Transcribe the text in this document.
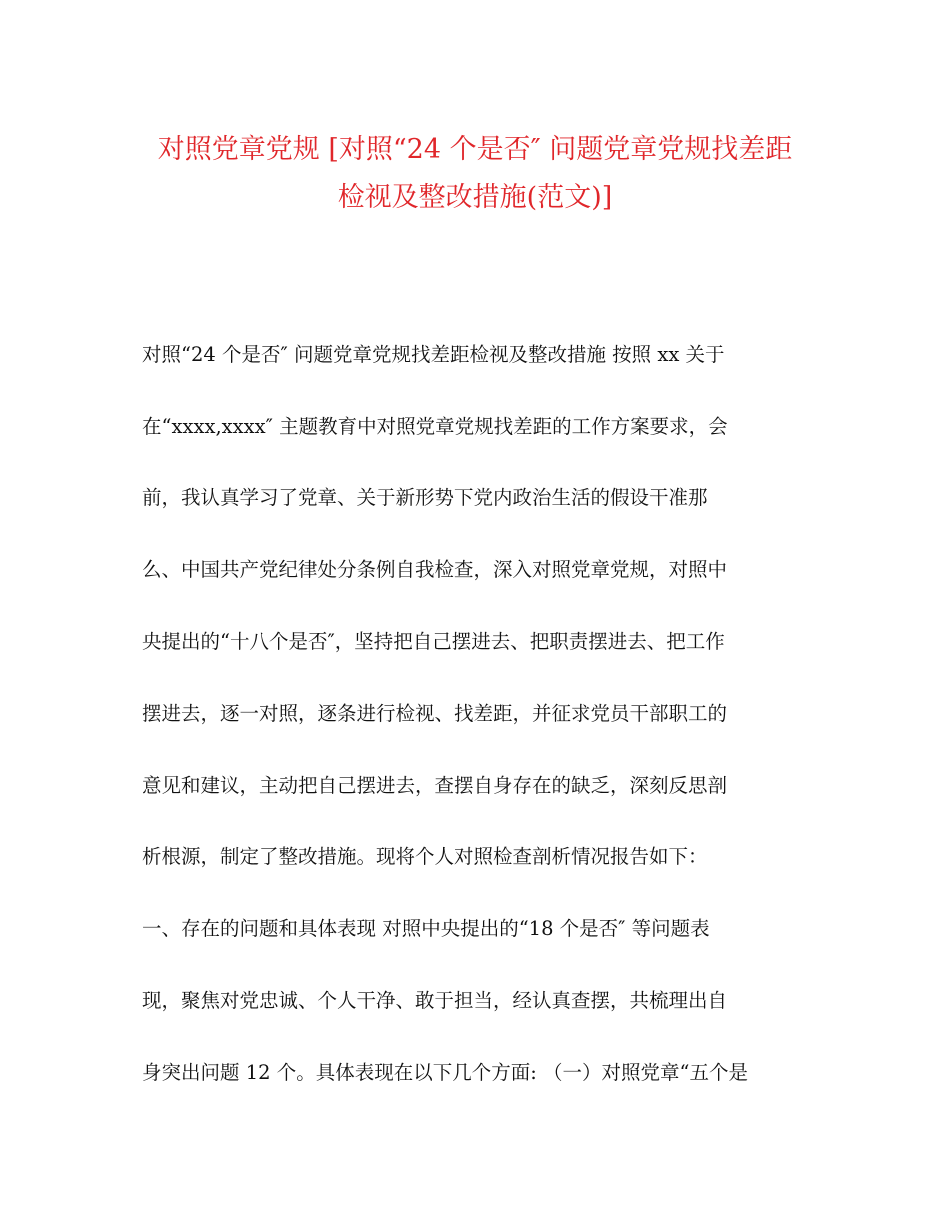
对照党章党规 [对照“24 个是否″ 问题党章党规找差距
检视及整改措施(范文)]
对照“24 个是否″ 问题党章党规找差距检视及整改措施 按照 xx 关于
在“xxxx,xxxx″ 主题教育中对照党章党规找差距的工作方案要求，会
前，我认真学习了党章、关于新形势下党内政治生活的假设干准那
么、中国共产党纪律处分条例自我检查，深入对照党章党规，对照中
央提出的“十八个是否″，坚持把自己摆进去、把职责摆进去、把工作
摆进去，逐一对照，逐条进行检视、找差距，并征求党员干部职工的
意见和建议，主动把自己摆进去，查摆自身存在的缺乏，深刻反思剖
析根源，制定了整改措施。现将个人对照检查剖析情况报告如下：
一、存在的问题和具体表现 对照中央提出的“18 个是否″ 等问题表
现，聚焦对党忠诚、个人干净、敢于担当，经认真查摆，共梳理出自
身突出问题 12 个。具体表现在以下几个方面: （一）对照党章“五个是
